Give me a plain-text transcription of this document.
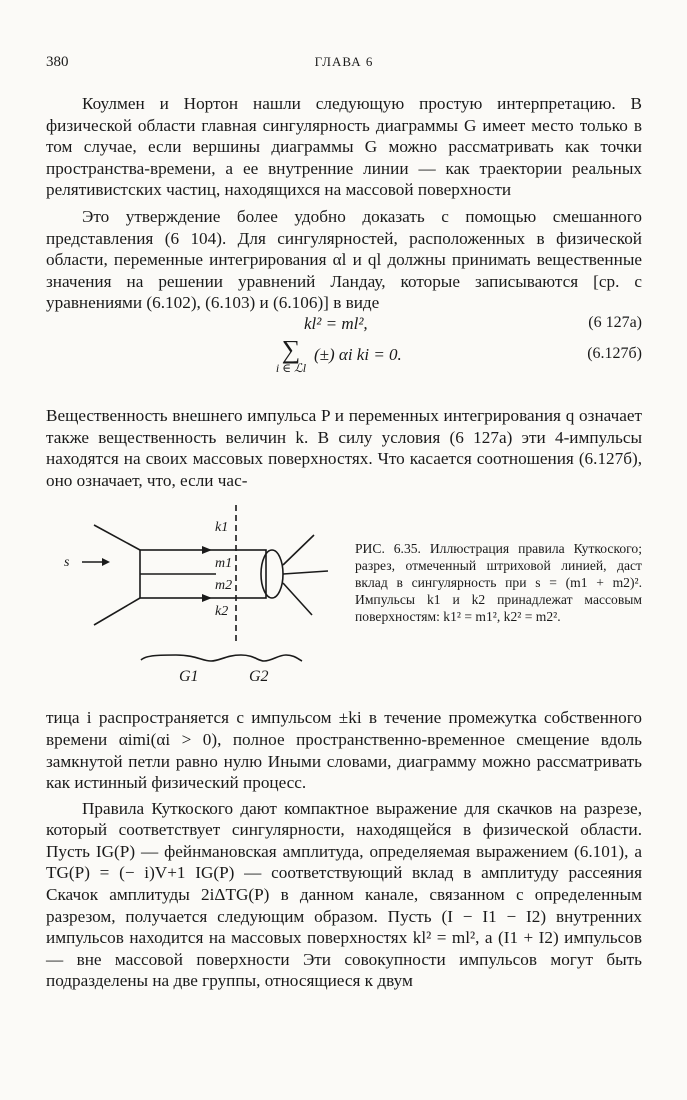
380	ГЛАВА 6

Коулмен и Нортон нашли следующую простую интерпретацию. В физической области главная сингулярность диаграммы G имеет место только в том случае, если вершины диаграммы G можно рассматривать как точки пространства-времени, а ее внутренние линии — как траектории реальных релятивистских частиц, находящихся на массовой поверхности

Это утверждение более удобно доказать с помощью смешанного представления (6 104). Для сингулярностей, расположенных в физической области, переменные интегрирования αl и ql должны принимать вещественные значения на решении уравнений Ландау, которые записываются [ср. с уравнениями (6.102), (6.103) и (6.106)] в виде

kl² = ml²,	(6 127а)
∑
i ∈ ℒl
(±) αi ki = 0.	(6.127б)

Вещественность внешнего импульса P и переменных интегрирования q означает также вещественность величин k. В силу условия (6 127а) эти 4-импульсы находятся на своих массовых поверхностях. Что касается соотношения (6.127б), оно означает, что, если час-

s
k1
m1
m2
k2
G1	G2
РИС. 6.35. Иллюстрация правила Куткоского; разрез, отмеченный штриховой линией, даст вклад в сингулярность при s = (m1 + m2)². Импульсы k1 и k2 принадлежат массовым поверхностям: k1² = m1², k2² = m2².

тица i распространяется с импульсом ±ki в течение промежутка собственного времени αimi(αi > 0), полное пространственно-временное смещение вдоль замкнутой петли равно нулю Иными словами, диаграмму можно рассматривать как истинный физический процесс.

Правила Куткоского дают компактное выражение для скачков на разрезе, который соответствует сингулярности, находящейся в физической области. Пусть IG(P) — фейнмановская амплитуда, определяемая выражением (6.101), а TG(P) = (− i)V+1 IG(P) — соответствующий вклад в амплитуду рассеяния Скачок амплитуды 2iΔTG(P) в данном канале, связанном с определенным разрезом, получается следующим образом. Пусть (I − I1 − I2) внутренних импульсов находится на массовых поверхностях kl² = ml², а (I1 + I2) импульсов — вне массовой поверхности Эти совокупности импульсов могут быть подразделены на две группы, относящиеся к двум
